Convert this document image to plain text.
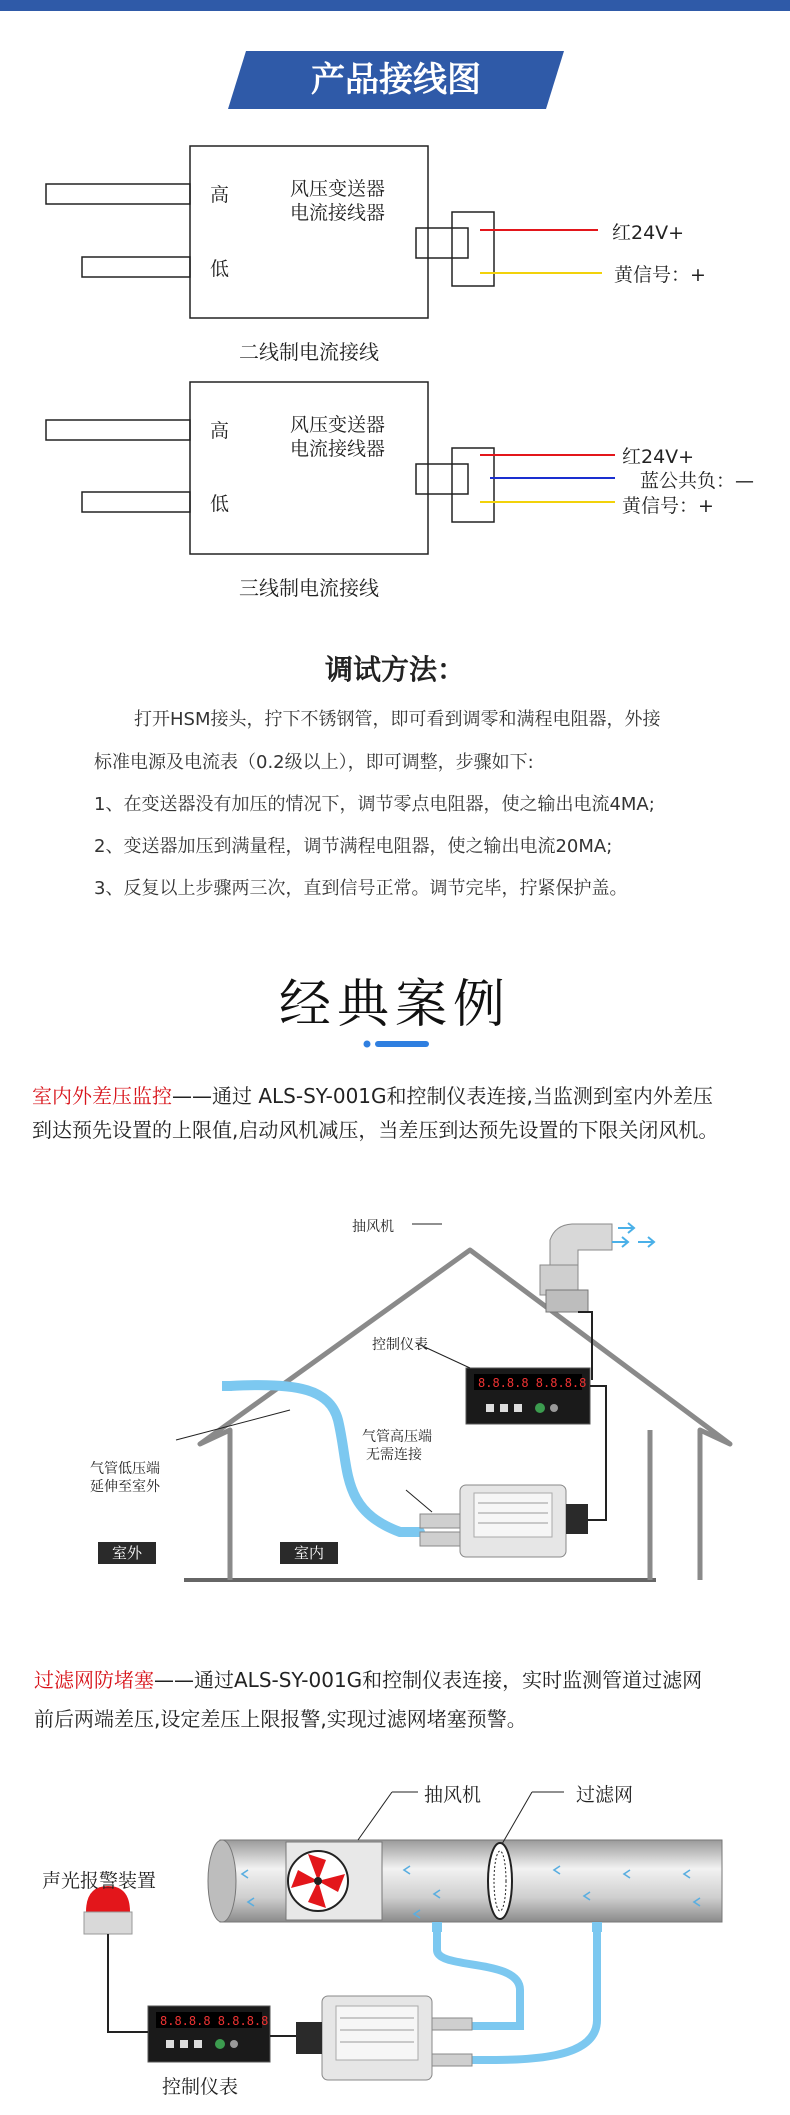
产品接线图
高
低
风压变送器
电流接线器
红24V+
黄信号：+
二线制电流接线
高
低
风压变送器
电流接线器	红24V+
蓝公共负：—
黄信号：+
三线制电流接线
调试方法：
打开HSM接头，拧下不锈钢管，即可看到调零和满程电阻器，外接
标准电源及电流表（0.2级以上），即可调整，步骤如下:
1、在变送器没有加压的情况下，调节零点电阻器，使之输出电流4MA;
2、变送器加压到满量程，调节满程电阻器，使之输出电流20MA;
3、反复以上步骤两三次，直到信号正常。调节完毕，拧紧保护盖。
经典案例
室内外差压监控——通过 ALS-SY-001G和控制仪表连接,当监测到室内外差压
到达预先设置的上限值,启动风机减压，当差压到达预先设置的下限关闭风机。
8.8.8.8 8.8.8.8
抽风机
控制仪表
气管高压端
无需连接
气管低压端
延伸至室外
室外	室内
过滤网防堵塞——通过ALS-SY-001G和控制仪表连接，实时监测管道过滤网
前后两端差压,设定差压上限报警,实现过滤网堵塞预警。
8.8.8.8 8.8.8.8
抽风机	过滤网
声光报警装置
控制仪表
